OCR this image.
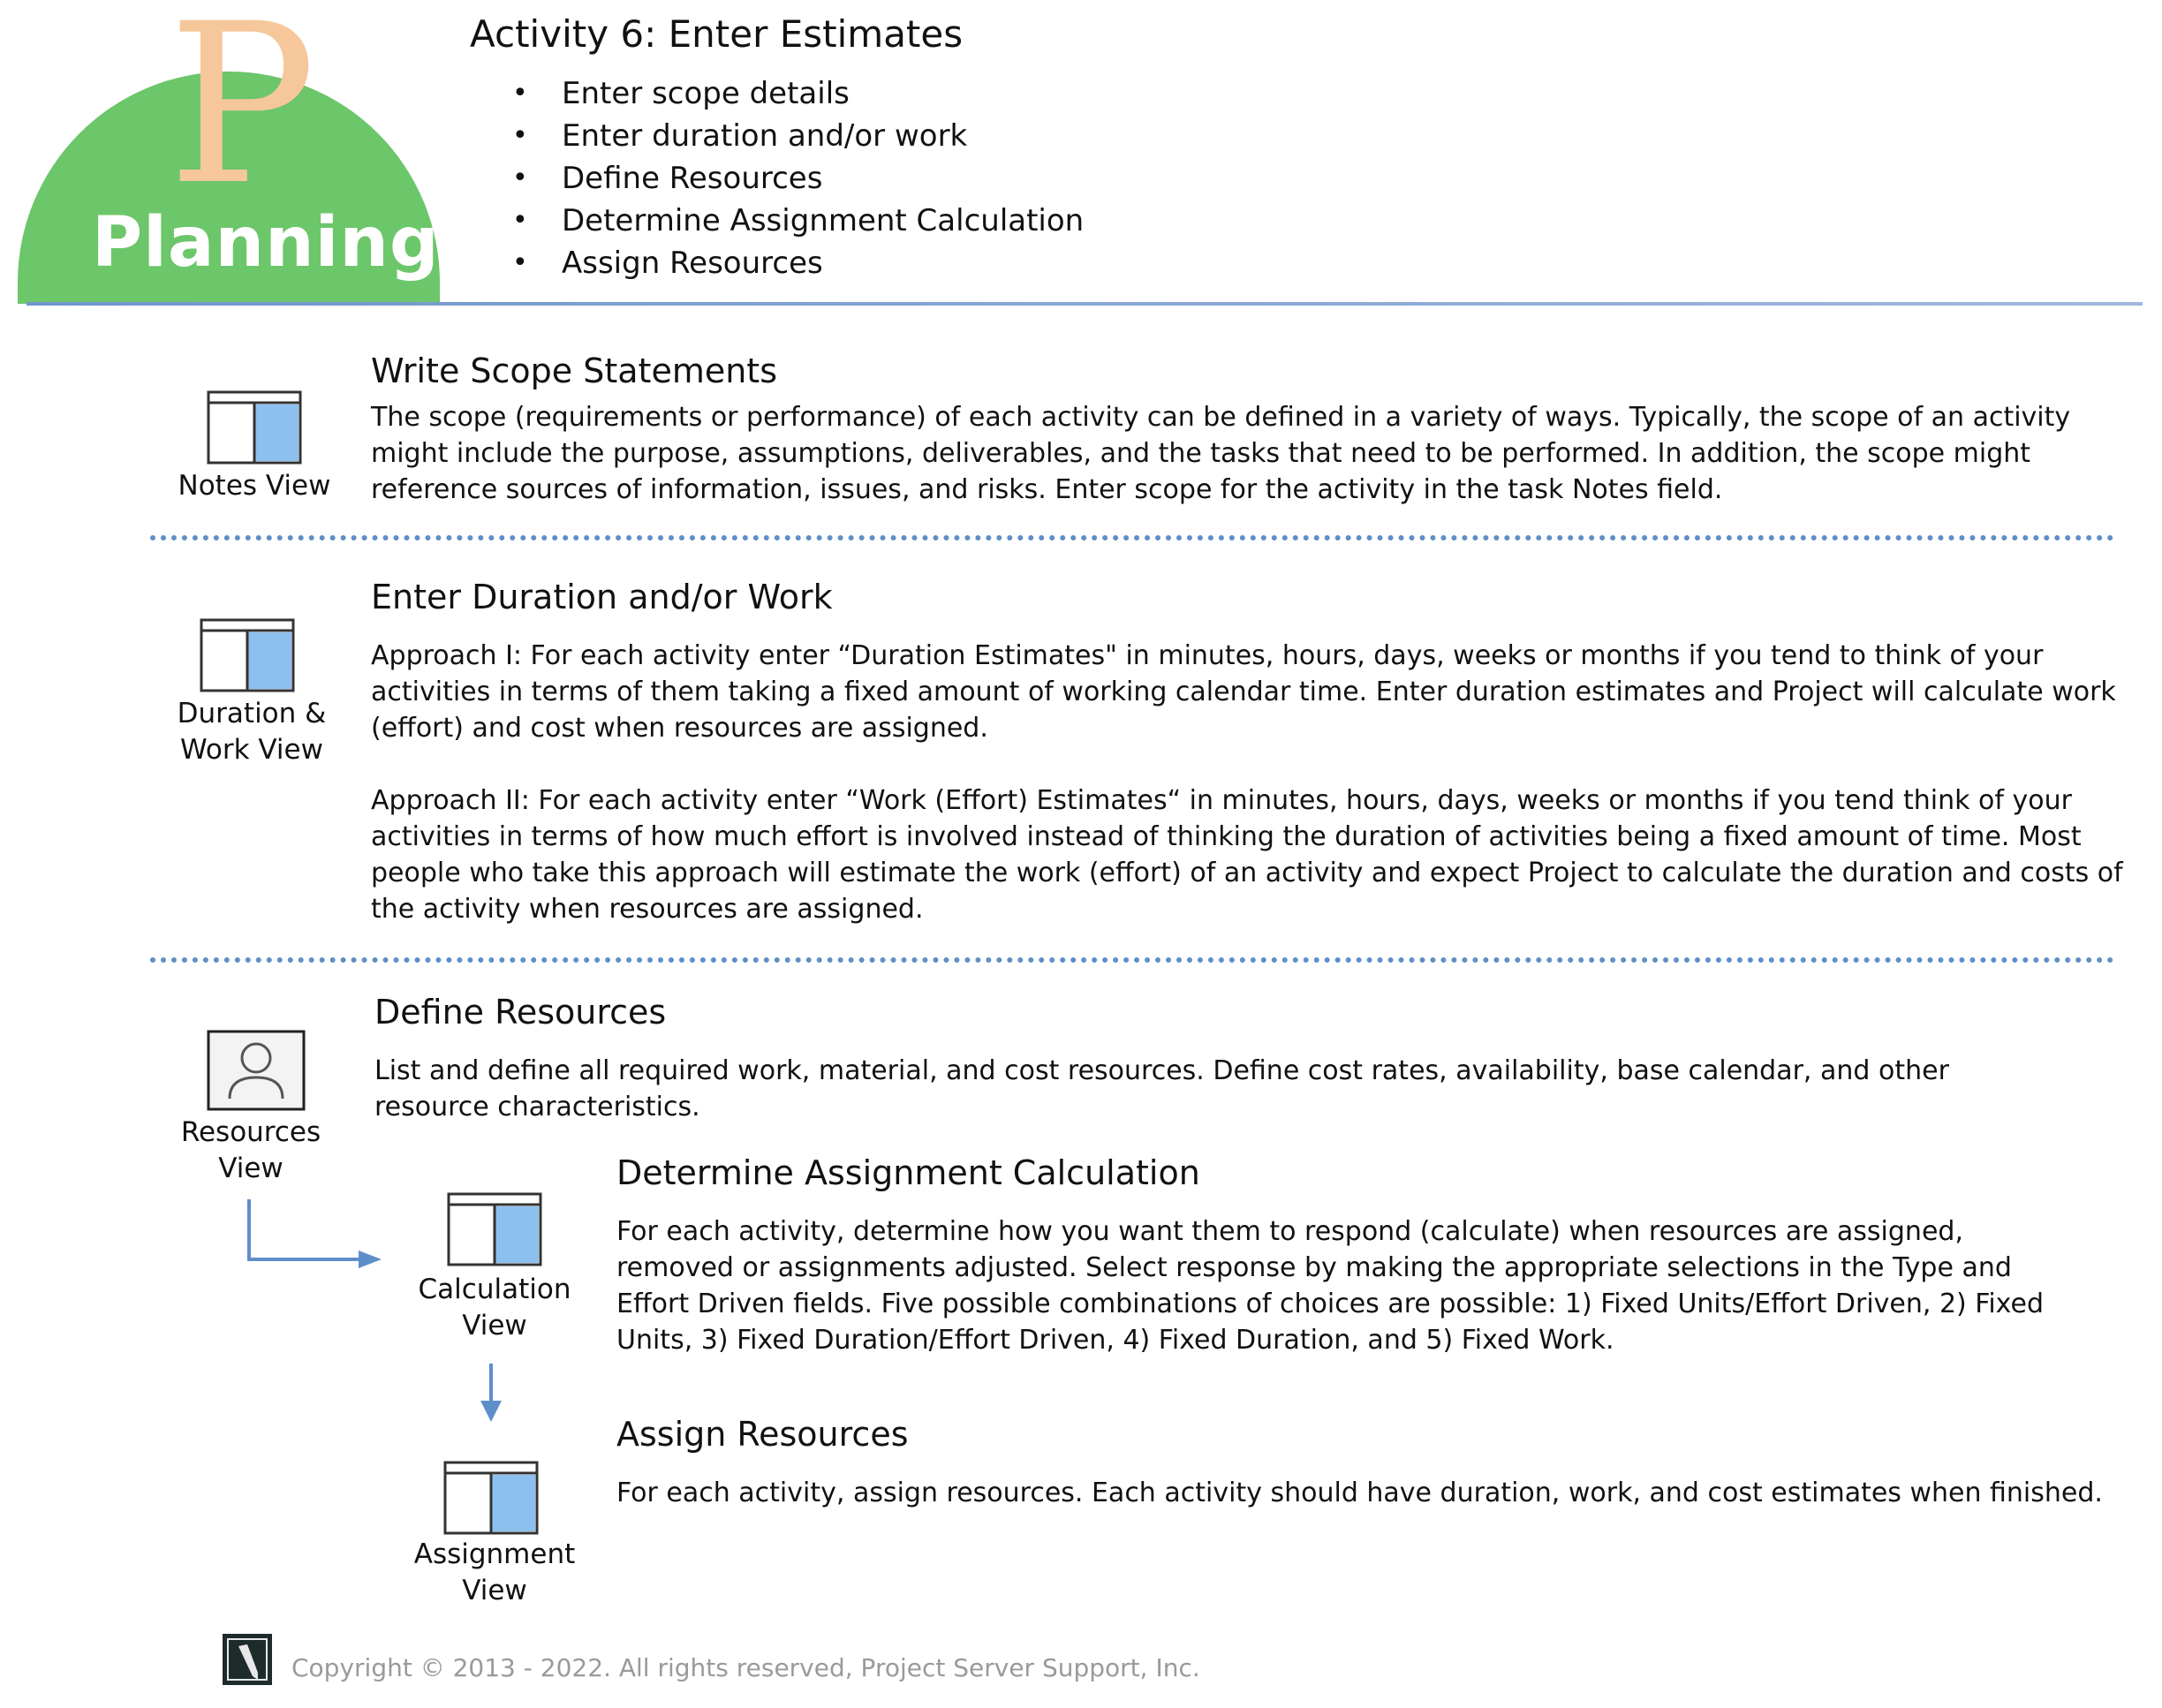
P
Planning
Activity 6: Enter Estimates
• Enter scope details
• Enter duration and/or work
• Define Resources
• Determine Assignment Calculation
• Assign Resources
Notes View
Write Scope Statements

The scope (requirements or performance) of each activity can be defined in a variety of ways. Typically, the scope of an activity might include the purpose, assumptions, deliverables, and the tasks that need to be performed. In addition, the scope might reference sources of information, issues, and risks. Enter scope for the activity in the task Notes field.

Duration &
Work View
Enter Duration and/or Work

Approach I: For each activity enter “Duration Estimates" in minutes, hours, days, weeks or months if you tend to think of your activities in terms of them taking a fixed amount of working calendar time. Enter duration estimates and Project will calculate work (effort) and cost when resources are assigned.

Approach II: For each activity enter “Work (Effort) Estimates“ in minutes, hours, days, weeks or months if you tend think of your activities in terms of how much effort is involved instead of thinking the duration of activities being a fixed amount of time. Most people who take this approach will estimate the work (effort) of an activity and expect Project to calculate the duration and costs of the activity when resources are assigned.

Resources
View
Define Resources

List and define all required work, material, and cost resources. Define cost rates, availability, base calendar, and other resource characteristics.

Calculation
View
Determine Assignment Calculation

For each activity, determine how you want them to respond (calculate) when resources are assigned, removed or assignments adjusted. Select response by making the appropriate selections in the Type and Effort Driven fields. Five possible combinations of choices are possible: 1) Fixed Units/Effort Driven, 2) Fixed Units, 3) Fixed Duration/Effort Driven, 4) Fixed Duration, and 5) Fixed Work.

Assignment
View
Assign Resources

For each activity, assign resources. Each activity should have duration, work, and cost estimates when finished.

Copyright © 2013 - 2022. All rights reserved, Project Server Support, Inc.
